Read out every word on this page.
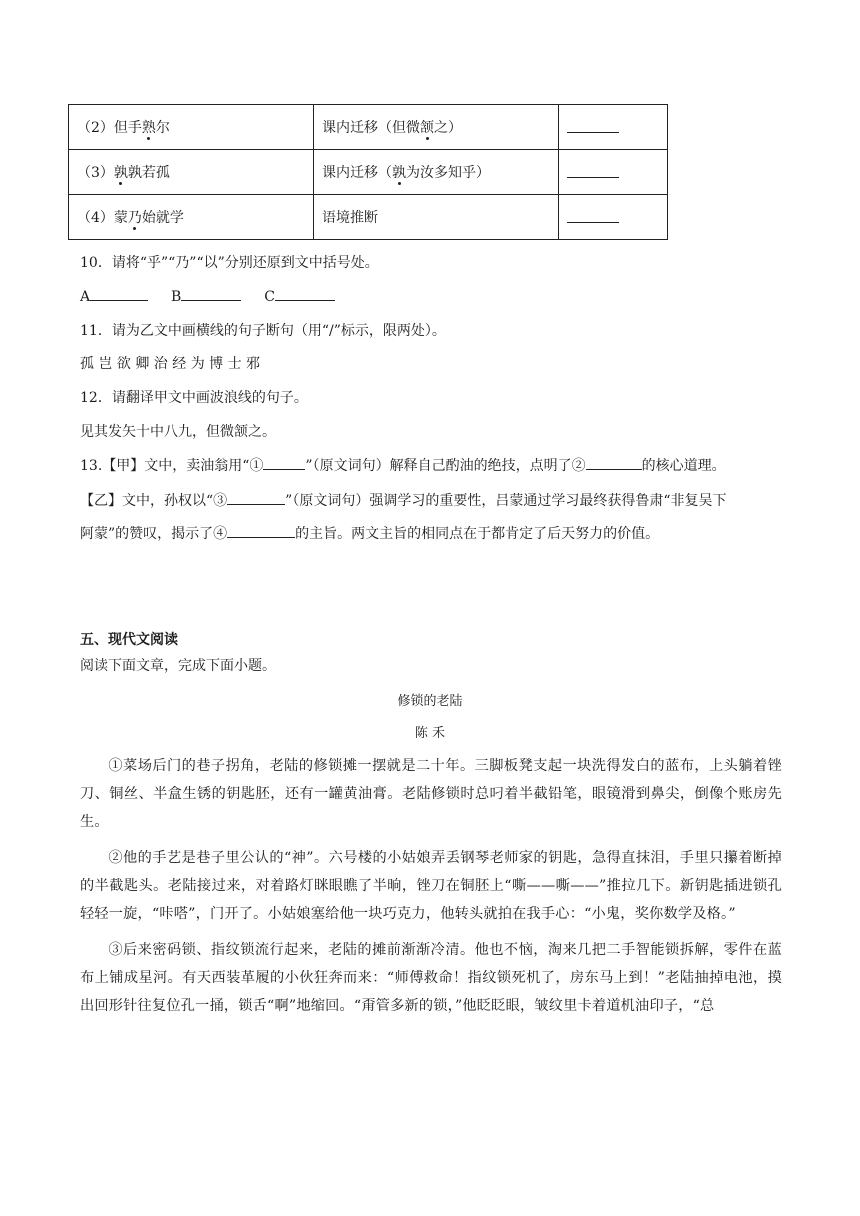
（2）但手熟尔	课内迁移（但微颔之）	
（3）孰孰若孤	课内迁移（孰为汝多知乎）	
（4）蒙乃始就学	语境推断	
10．请将“乎”“乃”“以”分别还原到文中括号处。
A	B	C
11．请为乙文中画横线的句子断句（用“/”标示，限两处）。
孤 岂 欲 卿 治 经 为 博 士 邪
12．请翻译甲文中画波浪线的句子。
见其发矢十中八九，但微颔之。
13.【甲】文中，卖油翁用“①	”（原文词句）解释自己酌油的绝技，点明了②	的核心道理。
【乙】文中，孙权以“③	”（原文词句）强调学习的重要性，吕蒙通过学习最终获得鲁肃“非复吴下
阿蒙”的赞叹，揭示了④	的主旨。两文主旨的相同点在于都肯定了后天努力的价值。
五、现代文阅读
阅读下面文章，完成下面小题。
修锁的老陆
陈 禾

①菜场后门的巷子拐角，老陆的修锁摊一摆就是二十年。三脚板凳支起一块洗得发白的蓝布，上头躺着锉刀、铜丝、半盒生锈的钥匙胚，还有一罐黄油膏。老陆修锁时总叼着半截铅笔，眼镜滑到鼻尖，倒像个账房先生。

②他的手艺是巷子里公认的“神”。六号楼的小姑娘弄丢钢琴老师家的钥匙，急得直抹泪，手里只攥着断掉的半截匙头。老陆接过来，对着路灯眯眼瞧了半晌，锉刀在铜胚上“嘶——嘶——”推拉几下。新钥匙插进锁孔轻轻一旋，“咔嗒”，门开了。小姑娘塞给他一块巧克力，他转头就拍在我手心：“小鬼，奖你数学及格。”

③后来密码锁、指纹锁流行起来，老陆的摊前渐渐冷清。他也不恼，淘来几把二手智能锁拆解，零件在蓝布上铺成星河。有天西装革履的小伙狂奔而来：“师傅救命！指纹锁死机了，房东马上到！”老陆抽掉电池，摸出回形针往复位孔一捅，锁舌“啊”地缩回。“甭管多新的锁，”他眨眨眼，皱纹里卡着道机油印子，“总
